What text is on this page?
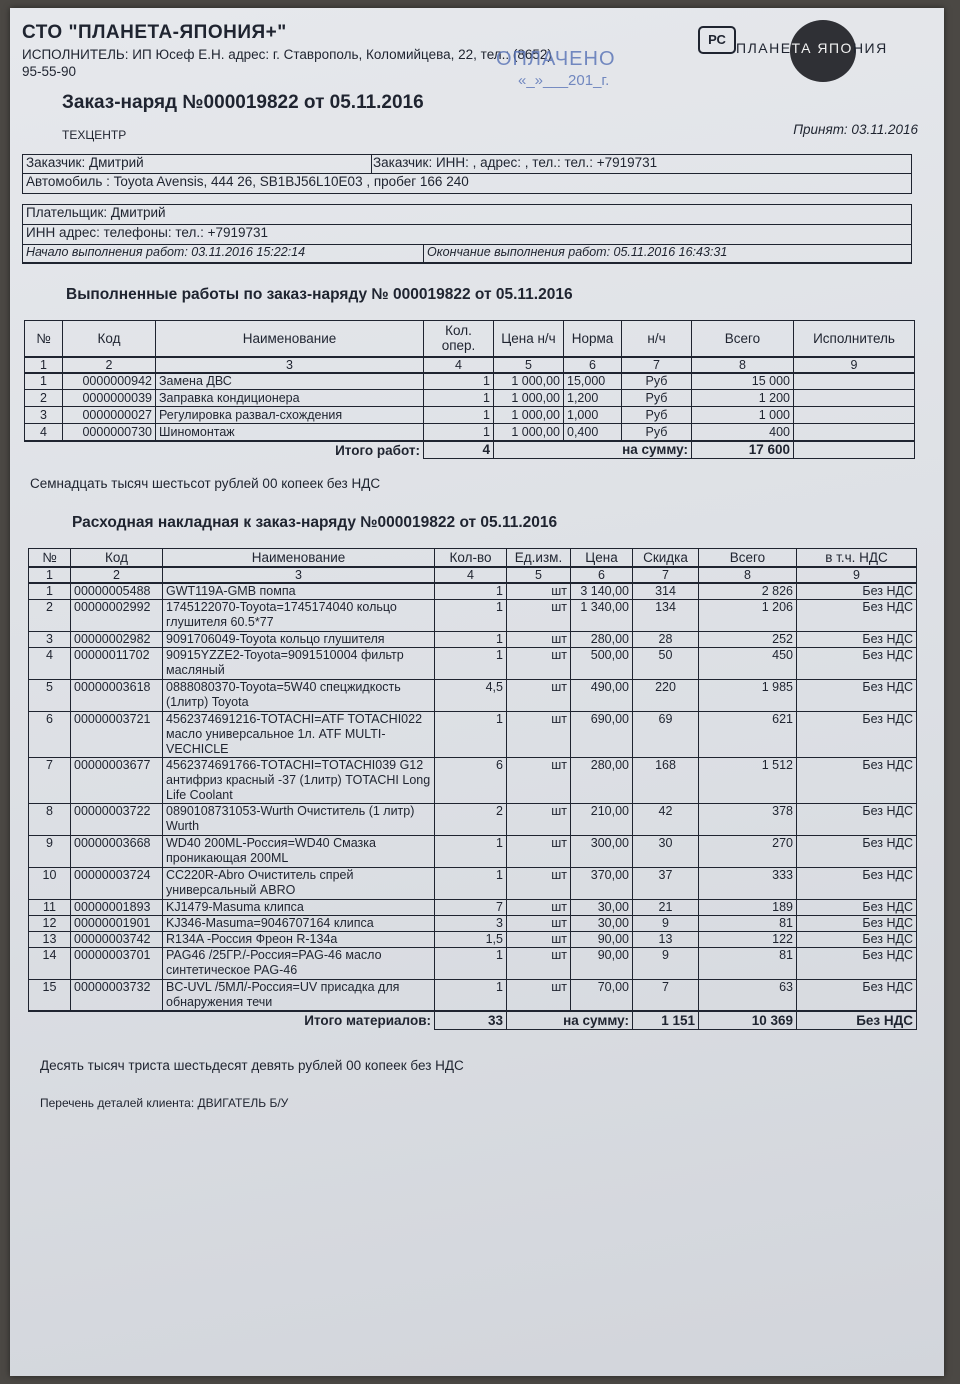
СТО "ПЛАНЕТА-ЯПОНИЯ+"
ИСПОЛНИТЕЛЬ: ИП Юсеф Е.Н. адрес: г. Ставрополь, Коломийцева, 22, тел.: (8652)
95-55-90
ОПЛАЧЕНО
«_»___201_г.
РС
ПЛАНЕТА ЯПОНИЯ
Заказ-наряд №000019822 от 05.11.2016
ТЕХЦЕНТР	Принят: 03.11.2016
Заказчик: Дмитрий	Заказчик: ИНН: , адрес: , тел.: тел.: +7919731
Автомобиль : Toyota Avensis, 444 26, SB1BJ56L10E03 , пробег 166 240
Плательщик: Дмитрий
ИНН адрес: телефоны: тел.: +7919731
Начало выполнения работ: 03.11.2016 15:22:14	Окончание выполнения работ: 05.11.2016 16:43:31
Выполненные работы по заказ-наряду № 000019822 от 05.11.2016
№	Код	Наименование	Кол. опер.	Цена н/ч	Норма	н/ч	Всего	Исполнитель
1	2	3	4	5	6	7	8	9
1	0000000942	Замена ДВС	1	1 000,00	15,000	Руб	15 000	
2	0000000039	Заправка кондиционера	1	1 000,00	1,200	Руб	1 200	
3	0000000027	Регулировка развал-схождения	1	1 000,00	1,000	Руб	1 000	
4	0000000730	Шиномонтаж	1	1 000,00	0,400	Руб	400	
	Итого работ:		4	на сумму:			17 600	
Семнадцать тысяч шестьсот рублей 00 копеек без НДС
Расходная накладная к заказ-наряду №000019822 от 05.11.2016
№	Код	Наименование	Кол-во	Ед.изм.	Цена	Скидка	Всего	в т.ч. НДС
1	2	3	4	5	6	7	8	9
1	00000005488	GWT119A-GMB помпа	1	шт	3 140,00	314	2 826	Без НДС
2	00000002992	1745122070-Toyota=1745174040 кольцо глушителя 60.5*77	1	шт	1 340,00	134	1 206	Без НДС
3	00000002982	9091706049-Toyota кольцо глушителя	1	шт	280,00	28	252	Без НДС
4	00000011702	90915YZZE2-Toyota=9091510004 фильтр масляный	1	шт	500,00	50	450	Без НДС
5	00000003618	0888080370-Toyota=5W40 спецжидкость (1литр) Toyota	4,5	шт	490,00	220	1 985	Без НДС
6	00000003721	4562374691216-TOTACHI=ATF TOTACHI022 масло универсальное 1л. ATF MULTI-VECHICLE	1	шт	690,00	69	621	Без НДС
7	00000003677	4562374691766-TOTACHI=TOTACHI039 G12 антифриз красный -37 (1литр) TOTACHI Long Life Coolant	6	шт	280,00	168	1 512	Без НДС
8	00000003722	0890108731053-Wurth Очиститель (1 литр) Wurth	2	шт	210,00	42	378	Без НДС
9	00000003668	WD40 200ML-Россия=WD40 Смазка проникающая 200ML	1	шт	300,00	30	270	Без НДС
10	00000003724	CC220R-Abro Очиститель спрей универсальный ABRO	1	шт	370,00	37	333	Без НДС
11	00000001893	KJ1479-Masuma клипса	7	шт	30,00	21	189	Без НДС
12	00000001901	KJ346-Masuma=9046707164 клипса	3	шт	30,00	9	81	Без НДС
13	00000003742	R134A -Россия Фреон R-134a	1,5	шт	90,00	13	122	Без НДС
14	00000003701	PAG46 /25ГР./-Россия=PAG-46 масло синтетическое PAG-46	1	шт	90,00	9	81	Без НДС
15	00000003732	BC-UVL /5МЛ/-Россия=UV присадка для обнаружения течи	1	шт	70,00	7	63	Без НДС
	Итого материалов:		33	на сумму:		1 151	10 369	Без НДС
Десять тысяч триста шестьдесят девять рублей 00 копеек без НДС
Перечень деталей клиента: ДВИГАТЕЛЬ Б/У
